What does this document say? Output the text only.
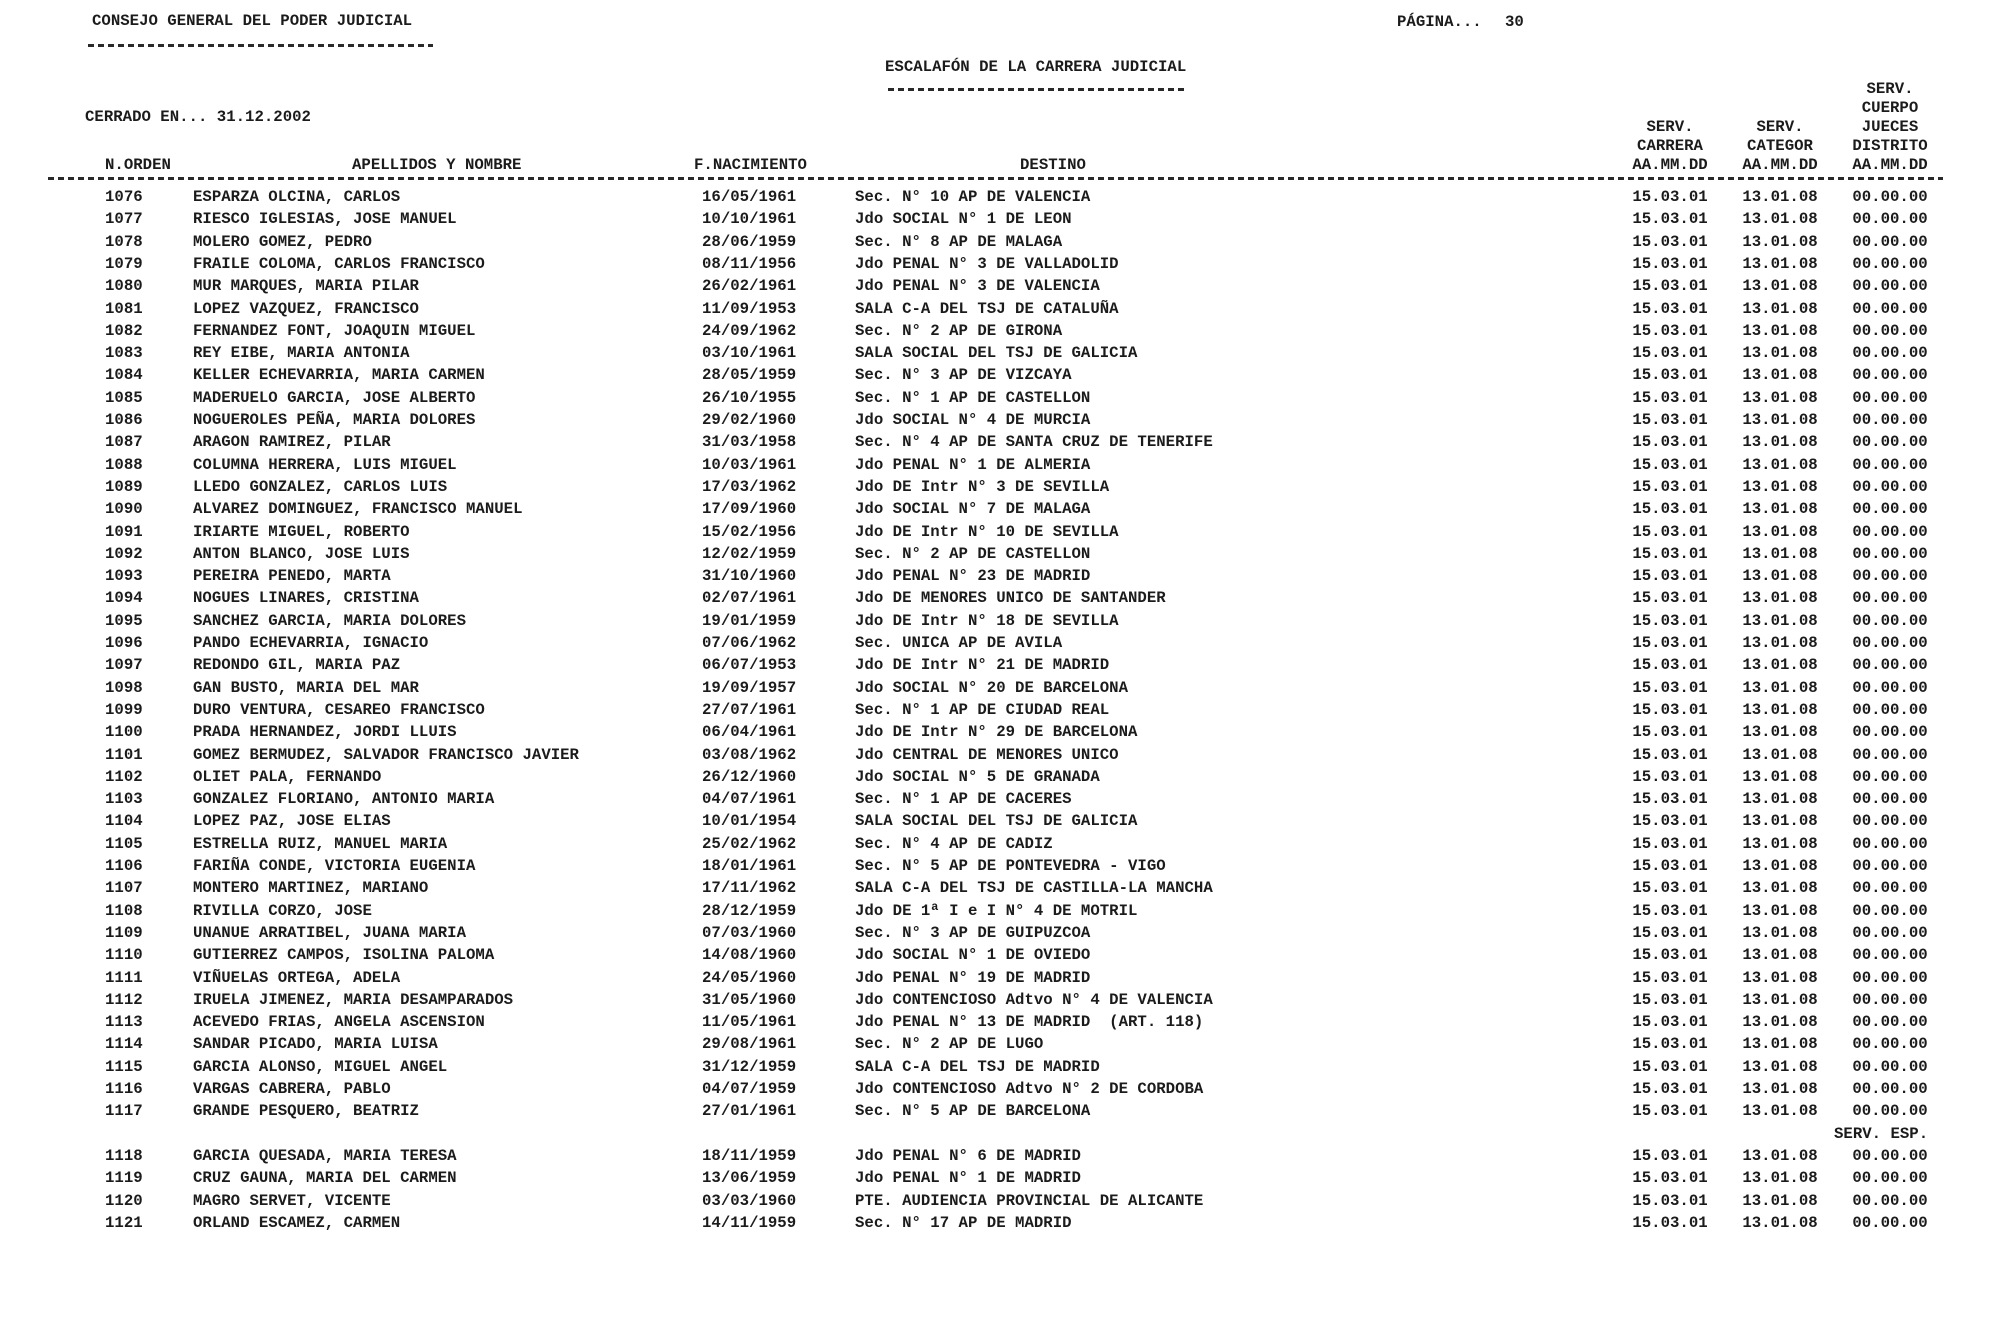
CONSEJO GENERAL DEL PODER JUDICIAL	PÁGINA... 30
ESCALAFÓN DE LA CARRERA JUDICIAL
CERRADO EN... 31.12.2002
SERV.
CUERPO
SERV.	SERV.	JUECES
CARRERA	CATEGOR	DISTRITO
N.ORDEN	APELLIDOS Y NOMBRE	F.NACIMIENTO	DESTINO	AA.MM.DD AA.MM.DD AA.MM.DD
1076	ESPARZA OLCINA, CARLOS	16/05/1961	Sec. N° 10 AP DE VALENCIA	15.03.01 13.01.08 00.00.00
1077	RIESCO IGLESIAS, JOSE MANUEL	10/10/1961	Jdo SOCIAL N° 1 DE LEON	15.03.01 13.01.08 00.00.00
1078	MOLERO GOMEZ, PEDRO	28/06/1959	Sec. N° 8 AP DE MALAGA	15.03.01 13.01.08 00.00.00
1079	FRAILE COLOMA, CARLOS FRANCISCO	08/11/1956	Jdo PENAL N° 3 DE VALLADOLID	15.03.01 13.01.08 00.00.00
1080	MUR MARQUES, MARIA PILAR	26/02/1961	Jdo PENAL N° 3 DE VALENCIA	15.03.01 13.01.08 00.00.00
1081	LOPEZ VAZQUEZ, FRANCISCO	11/09/1953	SALA C-A DEL TSJ DE CATALUÑA	15.03.01 13.01.08 00.00.00
1082	FERNANDEZ FONT, JOAQUIN MIGUEL	24/09/1962	Sec. N° 2 AP DE GIRONA	15.03.01 13.01.08 00.00.00
1083	REY EIBE, MARIA ANTONIA	03/10/1961	SALA SOCIAL DEL TSJ DE GALICIA	15.03.01 13.01.08 00.00.00
1084	KELLER ECHEVARRIA, MARIA CARMEN	28/05/1959	Sec. N° 3 AP DE VIZCAYA	15.03.01 13.01.08 00.00.00
1085	MADERUELO GARCIA, JOSE ALBERTO	26/10/1955	Sec. N° 1 AP DE CASTELLON	15.03.01 13.01.08 00.00.00
1086	NOGUEROLES PEÑA, MARIA DOLORES	29/02/1960	Jdo SOCIAL N° 4 DE MURCIA	15.03.01 13.01.08 00.00.00
1087	ARAGON RAMIREZ, PILAR	31/03/1958	Sec. N° 4 AP DE SANTA CRUZ DE TENERIFE	15.03.01 13.01.08 00.00.00
1088	COLUMNA HERRERA, LUIS MIGUEL	10/03/1961	Jdo PENAL N° 1 DE ALMERIA	15.03.01 13.01.08 00.00.00
1089	LLEDO GONZALEZ, CARLOS LUIS	17/03/1962	Jdo DE Intr N° 3 DE SEVILLA	15.03.01 13.01.08 00.00.00
1090	ALVAREZ DOMINGUEZ, FRANCISCO MANUEL	17/09/1960	Jdo SOCIAL N° 7 DE MALAGA	15.03.01 13.01.08 00.00.00
1091	IRIARTE MIGUEL, ROBERTO	15/02/1956	Jdo DE Intr N° 10 DE SEVILLA	15.03.01 13.01.08 00.00.00
1092	ANTON BLANCO, JOSE LUIS	12/02/1959	Sec. N° 2 AP DE CASTELLON	15.03.01 13.01.08 00.00.00
1093	PEREIRA PENEDO, MARTA	31/10/1960	Jdo PENAL N° 23 DE MADRID	15.03.01 13.01.08 00.00.00
1094	NOGUES LINARES, CRISTINA	02/07/1961	Jdo DE MENORES UNICO DE SANTANDER	15.03.01 13.01.08 00.00.00
1095	SANCHEZ GARCIA, MARIA DOLORES	19/01/1959	Jdo DE Intr N° 18 DE SEVILLA	15.03.01 13.01.08 00.00.00
1096	PANDO ECHEVARRIA, IGNACIO	07/06/1962	Sec. UNICA AP DE AVILA	15.03.01 13.01.08 00.00.00
1097	REDONDO GIL, MARIA PAZ	06/07/1953	Jdo DE Intr N° 21 DE MADRID	15.03.01 13.01.08 00.00.00
1098	GAN BUSTO, MARIA DEL MAR	19/09/1957	Jdo SOCIAL N° 20 DE BARCELONA	15.03.01 13.01.08 00.00.00
1099	DURO VENTURA, CESAREO FRANCISCO	27/07/1961	Sec. N° 1 AP DE CIUDAD REAL	15.03.01 13.01.08 00.00.00
1100	PRADA HERNANDEZ, JORDI LLUIS	06/04/1961	Jdo DE Intr N° 29 DE BARCELONA	15.03.01 13.01.08 00.00.00
1101	GOMEZ BERMUDEZ, SALVADOR FRANCISCO JAVIER	03/08/1962	Jdo CENTRAL DE MENORES UNICO	15.03.01 13.01.08 00.00.00
1102	OLIET PALA, FERNANDO	26/12/1960	Jdo SOCIAL N° 5 DE GRANADA	15.03.01 13.01.08 00.00.00
1103	GONZALEZ FLORIANO, ANTONIO MARIA	04/07/1961	Sec. N° 1 AP DE CACERES	15.03.01 13.01.08 00.00.00
1104	LOPEZ PAZ, JOSE ELIAS	10/01/1954	SALA SOCIAL DEL TSJ DE GALICIA	15.03.01 13.01.08 00.00.00
1105	ESTRELLA RUIZ, MANUEL MARIA	25/02/1962	Sec. N° 4 AP DE CADIZ	15.03.01 13.01.08 00.00.00
1106	FARIÑA CONDE, VICTORIA EUGENIA	18/01/1961	Sec. N° 5 AP DE PONTEVEDRA - VIGO	15.03.01 13.01.08 00.00.00
1107	MONTERO MARTINEZ, MARIANO	17/11/1962	SALA C-A DEL TSJ DE CASTILLA-LA MANCHA	15.03.01 13.01.08 00.00.00
1108	RIVILLA CORZO, JOSE	28/12/1959	Jdo DE 1ª I e I N° 4 DE MOTRIL	15.03.01 13.01.08 00.00.00
1109	UNANUE ARRATIBEL, JUANA MARIA	07/03/1960	Sec. N° 3 AP DE GUIPUZCOA	15.03.01 13.01.08 00.00.00
1110	GUTIERREZ CAMPOS, ISOLINA PALOMA	14/08/1960	Jdo SOCIAL N° 1 DE OVIEDO	15.03.01 13.01.08 00.00.00
1111	VIÑUELAS ORTEGA, ADELA	24/05/1960	Jdo PENAL N° 19 DE MADRID	15.03.01 13.01.08 00.00.00
1112	IRUELA JIMENEZ, MARIA DESAMPARADOS	31/05/1960	Jdo CONTENCIOSO Adtvo N° 4 DE VALENCIA	15.03.01 13.01.08 00.00.00
1113	ACEVEDO FRIAS, ANGELA ASCENSION	11/05/1961	Jdo PENAL N° 13 DE MADRID  (ART. 118)	15.03.01 13.01.08 00.00.00
1114	SANDAR PICADO, MARIA LUISA	29/08/1961	Sec. N° 2 AP DE LUGO	15.03.01 13.01.08 00.00.00
1115	GARCIA ALONSO, MIGUEL ANGEL	31/12/1959	SALA C-A DEL TSJ DE MADRID	15.03.01 13.01.08 00.00.00
1116	VARGAS CABRERA, PABLO	04/07/1959	Jdo CONTENCIOSO Adtvo N° 2 DE CORDOBA	15.03.01 13.01.08 00.00.00
1117	GRANDE PESQUERO, BEATRIZ	27/01/1961	Sec. N° 5 AP DE BARCELONA	15.03.01 13.01.08 00.00.00
SERV. ESP.
1118	GARCIA QUESADA, MARIA TERESA	18/11/1959	Jdo PENAL N° 6 DE MADRID	15.03.01 13.01.08 00.00.00
1119	CRUZ GAUNA, MARIA DEL CARMEN	13/06/1959	Jdo PENAL N° 1 DE MADRID	15.03.01 13.01.08 00.00.00
1120	MAGRO SERVET, VICENTE	03/03/1960	PTE. AUDIENCIA PROVINCIAL DE ALICANTE	15.03.01 13.01.08 00.00.00
1121	ORLAND ESCAMEZ, CARMEN	14/11/1959	Sec. N° 17 AP DE MADRID	15.03.01 13.01.08 00.00.00
